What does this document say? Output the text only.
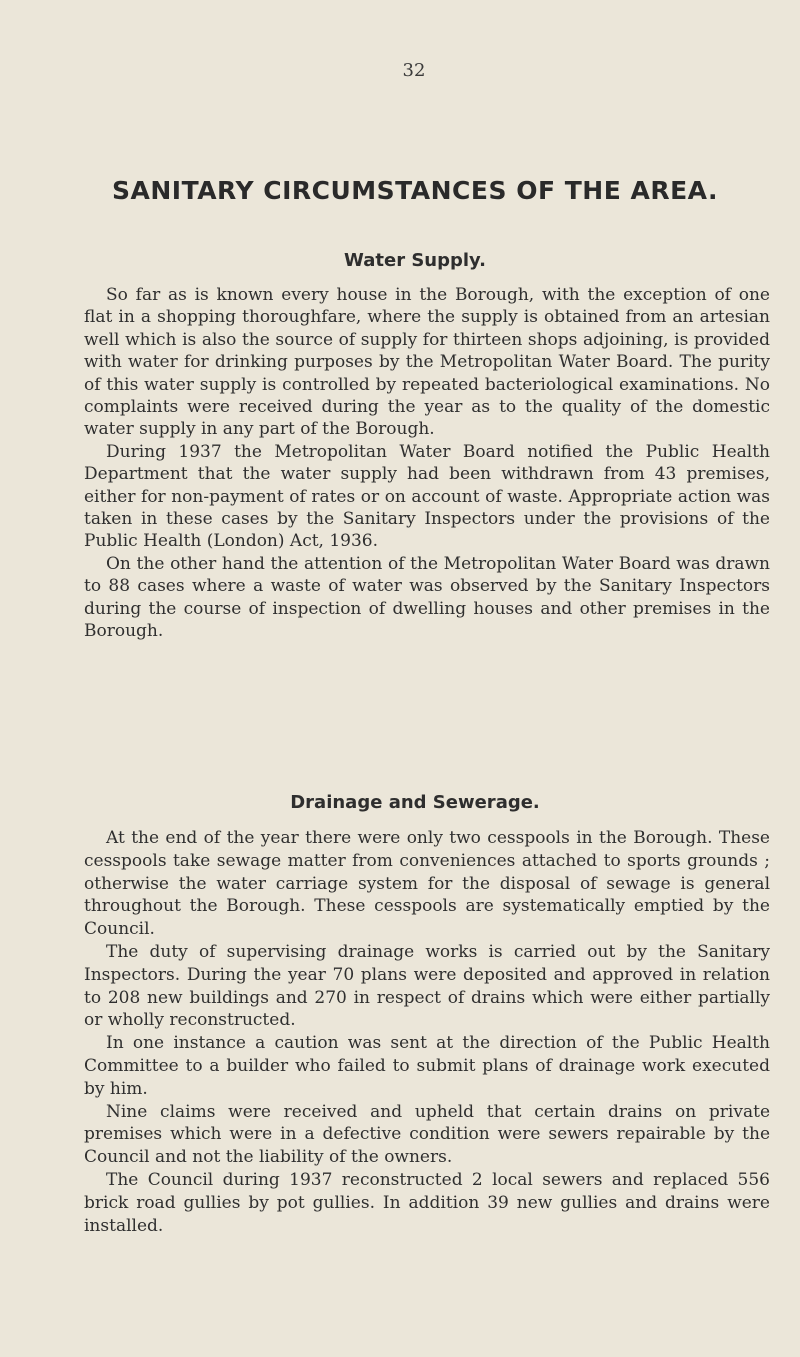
32
SANITARY CIRCUMSTANCES OF THE AREA.
Water Supply.

So far as is known every house in the Borough, with the exception of one flat in a shopping thoroughfare, where the supply is obtained from an artesian well which is also the source of supply for thirteen shops adjoining, is provided with water for drinking purposes by the Metropolitan Water Board. The purity of this water supply is controlled by repeated bacteriological examinations. No complaints were received during the year as to the quality of the domestic water supply in any part of the Borough.

During 1937 the Metropolitan Water Board notified the Public Health Department that the water supply had been withdrawn from 43 premises, either for non-payment of rates or on account of waste. Appropriate action was taken in these cases by the Sanitary Inspectors under the provisions of the Public Health (London) Act, 1936.

On the other hand the attention of the Metropolitan Water Board was drawn to 88 cases where a waste of water was observed by the Sanitary Inspectors during the course of inspection of dwelling houses and other premises in the Borough.

Drainage and Sewerage.

At the end of the year there were only two cesspools in the Borough. These cesspools take sewage matter from conveniences attached to sports grounds ; otherwise the water carriage system for the disposal of sewage is general throughout the Borough. These cesspools are systematically emptied by the Council.

The duty of supervising drainage works is carried out by the Sanitary Inspectors. During the year 70 plans were deposited and approved in relation to 208 new buildings and 270 in respect of drains which were either partially or wholly reconstructed.

In one instance a caution was sent at the direction of the Public Health Committee to a builder who failed to submit plans of drainage work executed by him.

Nine claims were received and upheld that certain drains on private premises which were in a defective condition were sewers repairable by the Council and not the liability of the owners.

The Council during 1937 reconstructed 2 local sewers and replaced 556 brick road gullies by pot gullies. In addition 39 new gullies and drains were installed.
